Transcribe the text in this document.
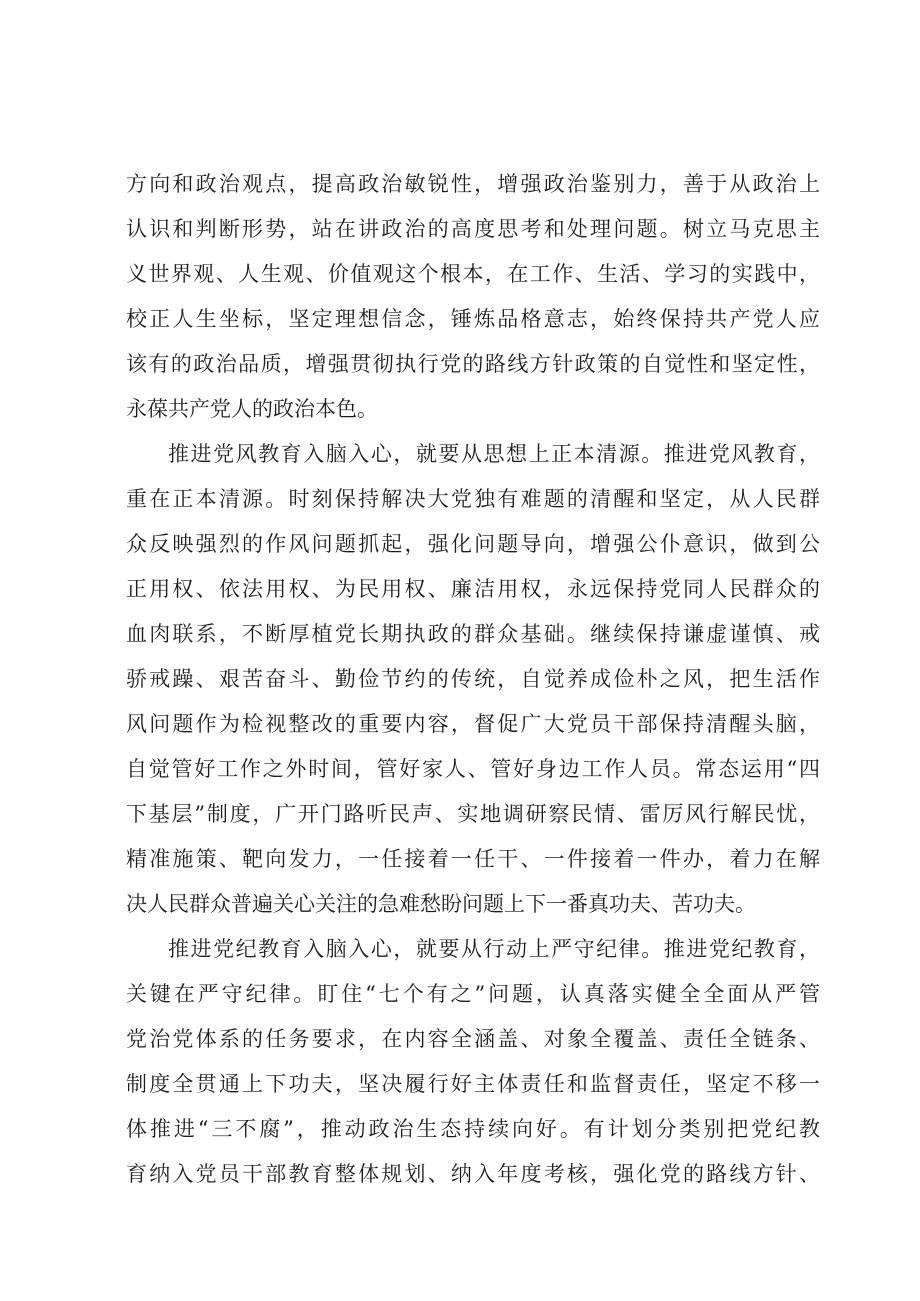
方向和政治观点，提高政治敏锐性，增强政治鉴别力，善于从政治上
认识和判断形势，站在讲政治的高度思考和处理问题。树立马克思主
义世界观、人生观、价值观这个根本，在工作、生活、学习的实践中，
校正人生坐标，坚定理想信念，锤炼品格意志，始终保持共产党人应
该有的政治品质，增强贯彻执行党的路线方针政策的自觉性和坚定性，
永葆共产党人的政治本色。
推进党风教育入脑入心，就要从思想上正本清源。推进党风教育，
重在正本清源。时刻保持解决大党独有难题的清醒和坚定，从人民群
众反映强烈的作风问题抓起，强化问题导向，增强公仆意识，做到公
正用权、依法用权、为民用权、廉洁用权，永远保持党同人民群众的
血肉联系，不断厚植党长期执政的群众基础。继续保持谦虚谨慎、戒
骄戒躁、艰苦奋斗、勤俭节约的传统，自觉养成俭朴之风，把生活作
风问题作为检视整改的重要内容，督促广大党员干部保持清醒头脑，
自觉管好工作之外时间，管好家人、管好身边工作人员。常态运用“四
下基层”制度，广开门路听民声、实地调研察民情、雷厉风行解民忧，
精准施策、靶向发力，一任接着一任干、一件接着一件办，着力在解
决人民群众普遍关心关注的急难愁盼问题上下一番真功夫、苦功夫。
推进党纪教育入脑入心，就要从行动上严守纪律。推进党纪教育，
关键在严守纪律。盯住“七个有之”问题，认真落实健全全面从严管
党治党体系的任务要求，在内容全涵盖、对象全覆盖、责任全链条、
制度全贯通上下功夫，坚决履行好主体责任和监督责任，坚定不移一
体推进“三不腐”，推动政治生态持续向好。有计划分类别把党纪教
育纳入党员干部教育整体规划、纳入年度考核，强化党的路线方针、
